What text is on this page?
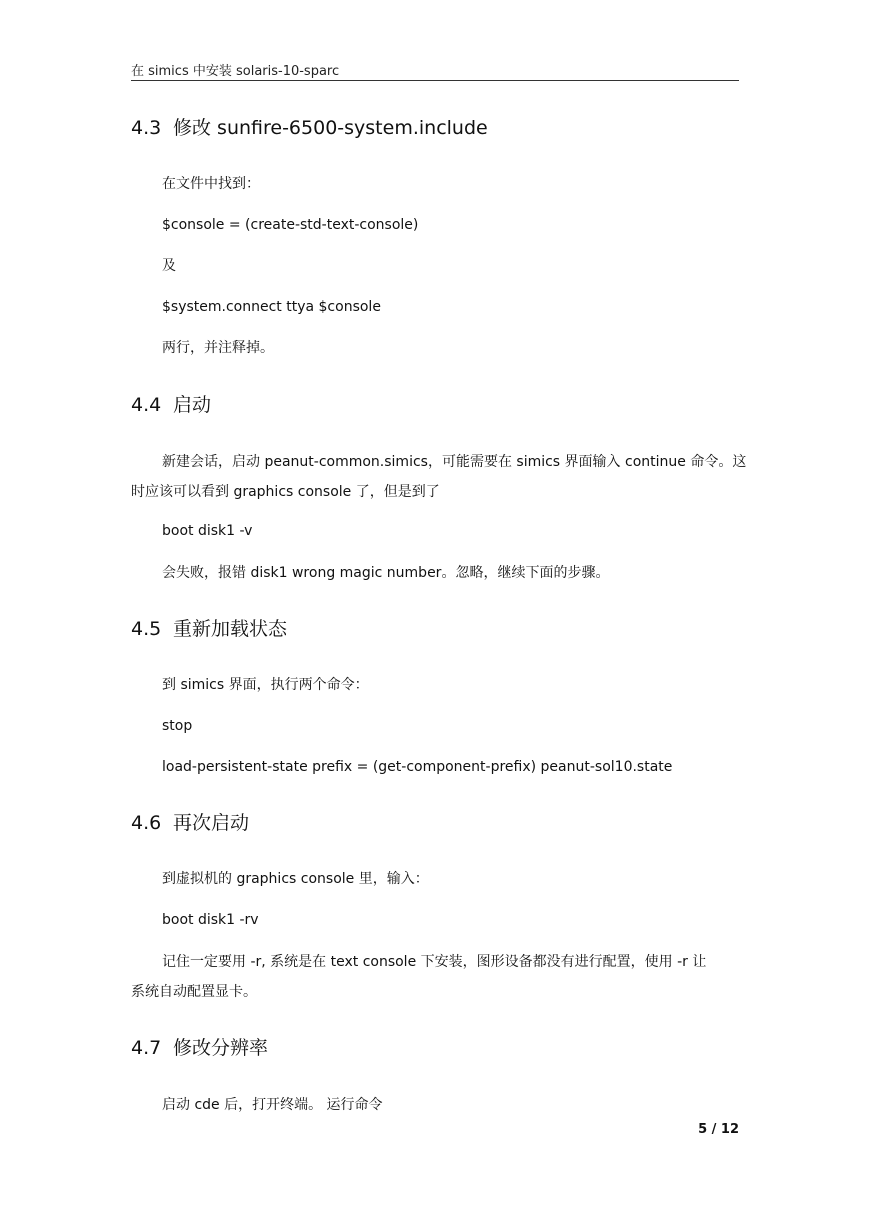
在 simics 中安装 solaris-10-sparc
4.3 修改 sunfire-6500-system.include
在文件中找到：
$console = (create-std-text-console)
及
$system.connect ttya $console
两行，并注释掉。
4.4 启动
新建会话，启动 peanut-common.simics，可能需要在 simics 界面输入 continue 命令。这
时应该可以看到 graphics console 了，但是到了
boot disk1 -v
会失败，报错 disk1 wrong magic number。忽略，继续下面的步骤。
4.5 重新加载状态
到 simics 界面，执行两个命令：
stop
load-persistent-state prefix = (get-component-prefix) peanut-sol10.state
4.6 再次启动
到虚拟机的 graphics console 里，输入：
boot disk1 -rv
记住一定要用 -r, 系统是在 text console 下安装，图形设备都没有进行配置，使用 -r 让
系统自动配置显卡。
4.7 修改分辨率
启动 cde 后，打开终端。 运行命令
5 / 12
